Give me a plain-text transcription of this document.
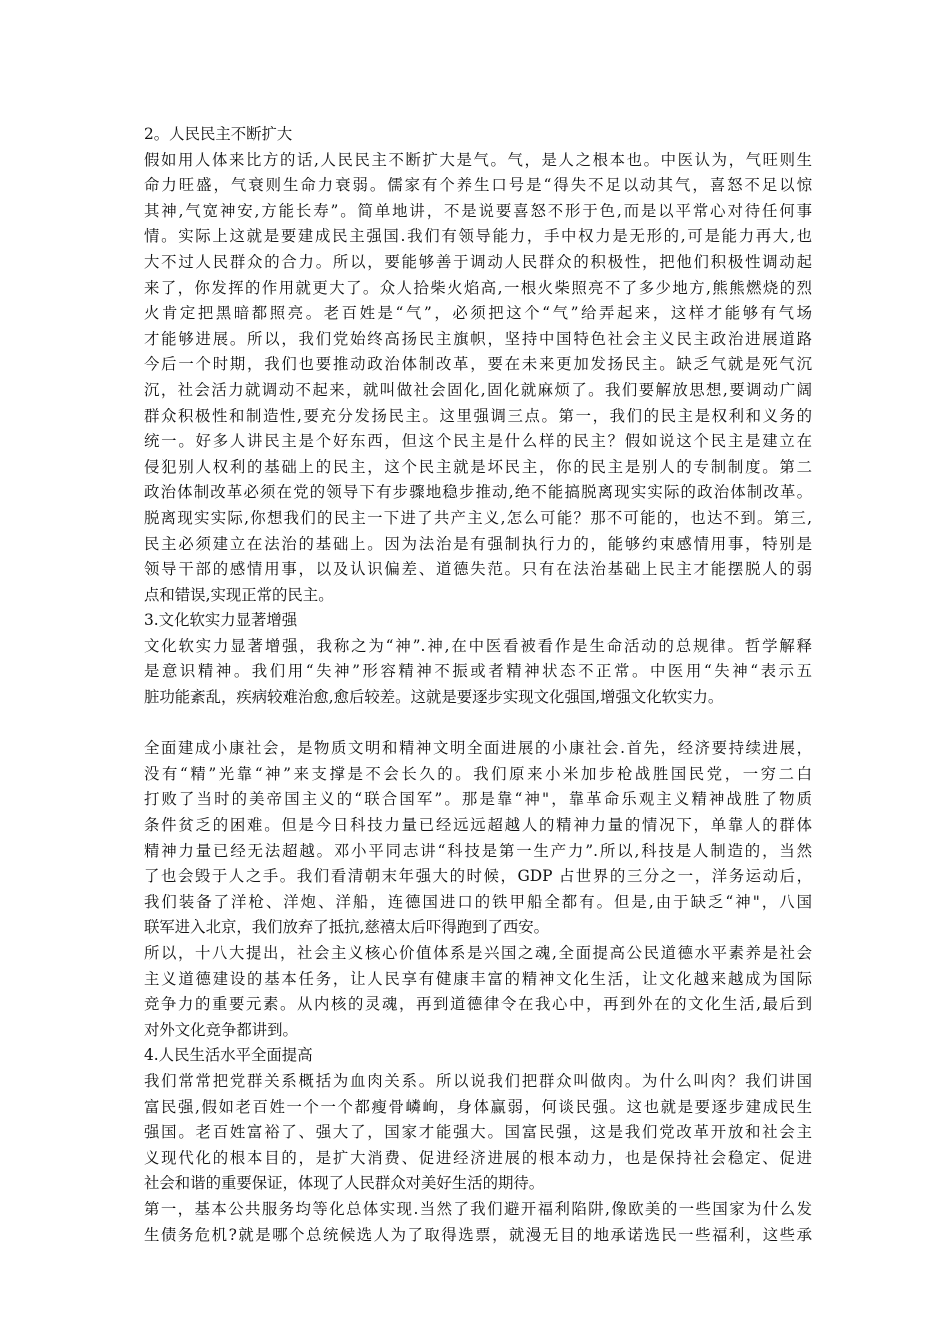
2。人民民主不断扩大
假如用人体来比方的话,人民民主不断扩大是气。气，是人之根本也。中医认为，气旺则生
命力旺盛，气衰则生命力衰弱。儒家有个养生口号是“得失不足以动其气，喜怒不足以惊
其神,气宽神安,方能长寿”。简单地讲，不是说要喜怒不形于色,而是以平常心对待任何事
情。实际上这就是要建成民主强国.我们有领导能力，手中权力是无形的,可是能力再大,也
大不过人民群众的合力。所以，要能够善于调动人民群众的积极性，把他们积极性调动起
来了，你发挥的作用就更大了。众人拾柴火焰高,一根火柴照亮不了多少地方,熊熊燃烧的烈
火肯定把黑暗都照亮。老百姓是“气”，必须把这个“气”给弄起来，这样才能够有气场
才能够进展。所以，我们党始终高扬民主旗帜，坚持中国特色社会主义民主政治进展道路
今后一个时期，我们也要推动政治体制改革，要在未来更加发扬民主。缺乏气就是死气沉
沉，社会活力就调动不起来，就叫做社会固化,固化就麻烦了。我们要解放思想,要调动广阔
群众积极性和制造性,要充分发扬民主。这里强调三点。第一，我们的民主是权利和义务的
统一。好多人讲民主是个好东西，但这个民主是什么样的民主？假如说这个民主是建立在
侵犯别人权利的基础上的民主，这个民主就是坏民主，你的民主是别人的专制制度。第二
政治体制改革必须在党的领导下有步骤地稳步推动,绝不能搞脱离现实实际的政治体制改革。
脱离现实实际,你想我们的民主一下进了共产主义,怎么可能？那不可能的，也达不到。第三,
民主必须建立在法治的基础上。因为法治是有强制执行力的，能够约束感情用事，特别是
领导干部的感情用事，以及认识偏差、道德失范。只有在法治基础上民主才能摆脱人的弱
点和错误,实现正常的民主。
3.文化软实力显著增强
文化软实力显著增强，我称之为“神”.神,在中医看被看作是生命活动的总规律。哲学解释
是意识精神。我们用“失神”形容精神不振或者精神状态不正常。中医用“失神“表示五
脏功能紊乱，疾病较难治愈,愈后较差。这就是要逐步实现文化强国,增强文化软实力。
全面建成小康社会，是物质文明和精神文明全面进展的小康社会.首先，经济要持续进展，
没有“精”光靠“神”来支撑是不会长久的。我们原来小米加步枪战胜国民党，一穷二白
打败了当时的美帝国主义的“联合国军”。那是靠“神"，靠革命乐观主义精神战胜了物质
条件贫乏的困难。但是今日科技力量已经远远超越人的精神力量的情况下，单靠人的群体
精神力量已经无法超越。邓小平同志讲“科技是第一生产力”.所以,科技是人制造的，当然
了也会毁于人之手。我们看清朝末年强大的时候，GDP 占世界的三分之一，洋务运动后，
我们装备了洋枪、洋炮、洋船，连德国进口的铁甲船全都有。但是,由于缺乏“神"，八国
联军进入北京，我们放弃了抵抗,慈禧太后吓得跑到了西安。
所以，十八大提出，社会主义核心价值体系是兴国之魂,全面提高公民道德水平素养是社会
主义道德建设的基本任务，让人民享有健康丰富的精神文化生活，让文化越来越成为国际
竞争力的重要元素。从内核的灵魂，再到道德律令在我心中，再到外在的文化生活,最后到
对外文化竞争都讲到。
4.人民生活水平全面提高
我们常常把党群关系概括为血肉关系。所以说我们把群众叫做肉。为什么叫肉？我们讲国
富民强,假如老百姓一个一个都瘦骨嶙峋，身体赢弱，何谈民强。这也就是要逐步建成民生
强国。老百姓富裕了、强大了，国家才能强大。国富民强，这是我们党改革开放和社会主
义现代化的根本目的，是扩大消费、促进经济进展的根本动力，也是保持社会稳定、促进
社会和谐的重要保证，体现了人民群众对美好生活的期待。
第一，基本公共服务均等化总体实现.当然了我们避开福利陷阱,像欧美的一些国家为什么发
生债务危机?就是哪个总统候选人为了取得选票，就漫无目的地承诺选民一些福利，这些承
